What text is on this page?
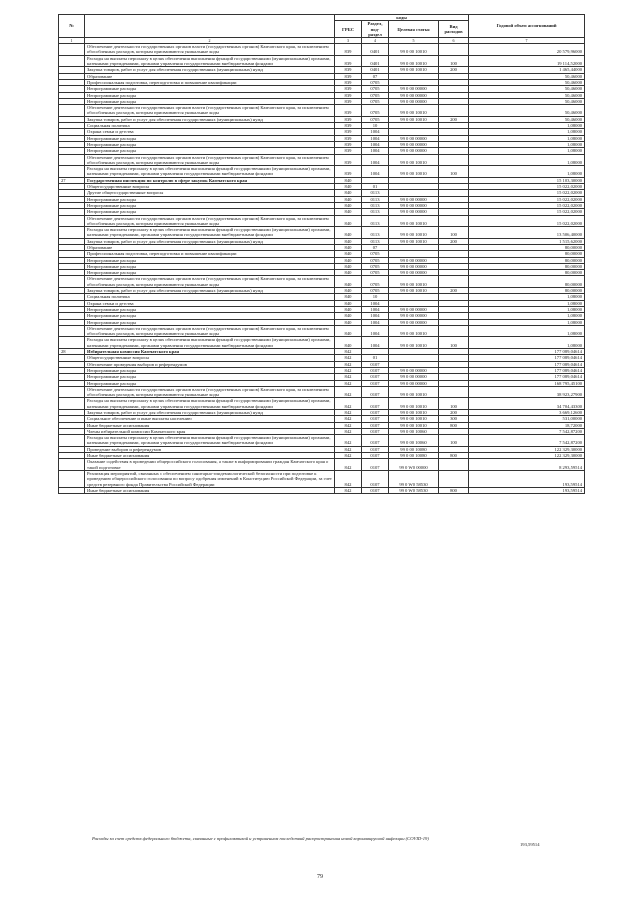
№		коды				Годовой объем ассигнований
		ГРБС	Раздел, под- раздел	Целевая статья	Вид расходов	
1	2	3	4	5	6	7
	Обеспечение деятельности государственных органов власти (государственных органов) Камчатского края, за исключением обособленных расходов, которым присваиваются уникальные коды	839	0401	99 0 00 10010		20 579,96000
	Расходы на выплаты персоналу в целях обеспечения выполнения функций государственными (муниципальными) органами, казенными учреждениями, органами управления государственными внебюджетными фондами	839	0401	99 0 00 10010	100	19 114,52000
	Закупка товаров, работ и услуг для обеспечения государственных (муниципальных) нужд	839	0401	99 0 00 10010	200	1 465,44000
	Образование	839	07			50,46000
	Профессиональная подготовка, переподготовка и повышение квалификации	839	0705			50,46000
	Непрограммные расходы	839	0705	99 0 00 00000		50,46000
	Непрограммные расходы	839	0705	99 0 00 00000		50,46000
	Непрограммные расходы	839	0705	99 0 00 00000		50,46000
	Обеспечение деятельности государственных органов власти (государственных органов) Камчатского края, за исключением обособленных расходов, которым присваиваются уникальные коды	839	0705	99 0 00 10010		50,46000
	Закупка товаров, работ и услуг для обеспечения государственных (муниципальных) нужд	839	0705	99 0 00 10010	200	50,46000
	Социальная политика	839	10			1,08000
	Охрана семьи и детства	839	1004			1,08000
	Непрограммные расходы	839	1004	99 0 00 00000		1,08000
	Непрограммные расходы	839	1004	99 0 00 00000		1,08000
	Непрограммные расходы	839	1004	99 0 00 00000		1,08000
	Обеспечение деятельности государственных органов власти (государственных органов) Камчатского края, за исключением обособленных расходов, которым присваиваются уникальные коды	839	1004	99 0 00 10010		1,08000
	Расходы на выплаты персоналу в целях обеспечения выполнения функций государственными (муниципальными) органами, казенными учреждениями, органами управления государственными внебюджетными фондами	839	1004	99 0 00 10010	100	1,08000
27	Государственная инспекция по контролю в сфере закупок Камчатского края	840				15 103,30000
	Общегосударственные вопросы	840	01			15 022,02000
	Другие общегосударственные вопросы	840	0113			15 022,02000
	Непрограммные расходы	840	0113	99 0 00 00000		15 022,02000
	Непрограммные расходы	840	0113	99 0 00 00000		15 022,02000
	Непрограммные расходы	840	0113	99 0 00 00000		15 022,02000
	Обеспечение деятельности государственных органов власти (государственных органов) Камчатского края, за исключением обособленных расходов, которым присваиваются уникальные коды	840	0113	99 0 00 10010		15 022,02000
	Расходы на выплаты персоналу в целях обеспечения выполнения функций государственными (муниципальными) органами, казенными учреждениями, органами управления государственными внебюджетными фондами	840	0113	99 0 00 10010	100	13 506,40000
	Закупка товаров, работ и услуг для обеспечения государственных (муниципальных) нужд	840	0113	99 0 00 10010	200	1 515,62000
	Образование	840	07			80,00000
	Профессиональная подготовка, переподготовка и повышение квалификации	840	0705			80,00000
	Непрограммные расходы	840	0705	99 0 00 00000		80,00000
	Непрограммные расходы	840	0705	99 0 00 00000		80,00000
	Непрограммные расходы	840	0705	99 0 00 00000		80,00000
	Обеспечение деятельности государственных органов власти (государственных органов) Камчатского края, за исключением обособленных расходов, которым присваиваются уникальные коды	840	0705	99 0 00 10010		80,00000
	Закупка товаров, работ и услуг для обеспечения государственных (муниципальных) нужд	840	0705	99 0 00 10010	200	80,00000
	Социальная политика	840	10			1,08000
	Охрана семьи и детства	840	1004			1,08000
	Непрограммные расходы	840	1004	99 0 00 00000		1,08000
	Непрограммные расходы	840	1004	99 0 00 00000		1,08000
	Непрограммные расходы	840	1004	99 0 00 00000		1,08000
	Обеспечение деятельности государственных органов власти (государственных органов) Камчатского края, за исключением обособленных расходов, которым присваиваются уникальные коды	840	1004	99 0 00 10010		1,08000
	Расходы на выплаты персоналу в целях обеспечения выполнения функций государственными (муниципальными) органами, казенными учреждениями, органами управления государственными внебюджетными фондами	840	1004	99 0 00 10010	100	1,08000
28	Избирательная комиссия Камчатского края	842				177 089,04614
	Общегосударственные вопросы	842	01			177 089,04614
	Обеспечение проведения выборов и референдумов	842	0107			177 089,04614
	Непрограммные расходы	842	0107	99 0 00 00000		177 089,04614
	Непрограммные расходы	842	0107	99 0 00 00000		177 089,04614
	Непрограммные расходы	842	0107	99 0 00 00000		168 795,45100
	Обеспечение деятельности государственных органов власти (государственных органов) Камчатского края, за исключением обособленных расходов, которым присваиваются уникальные коды	842	0107	99 0 00 10010		38 923,27900
	Расходы на выплаты персоналу в целях обеспечения выполнения функций государственными (муниципальными) органами, казенными учреждениями, органами управления государственными внебюджетными фондами	842	0107	99 0 00 10010	100	34 704,43300
	Закупка товаров, работ и услуг для обеспечения государственных (муниципальных) нужд	842	0107	99 0 00 10010	200	3 669,12600
	Социальное обеспечение и иные выплаты населению	842	0107	99 0 00 10010	300	531,00000
	Иные бюджетные ассигнования	842	0107	99 0 00 10010	800	18,72000
	Члены избирательной комиссии Камчатского края	842	0107	99 0 00 10060		7 542,87200
	Расходы на выплаты персоналу в целях обеспечения выполнения функций государственными (муниципальными) органами, казенными учреждениями, органами управления государственными внебюджетными фондами	842	0107	99 0 00 10060	100	7 542,87200
	Проведение выборов и референдумов	842	0107	99 0 00 10080		122 329,30000
	Иные бюджетные ассигнования	842	0107	99 0 00 10080	800	122 329,30000
	Оказание содействия в проведении общероссийского голосования, а также в информировании граждан Камчатского края о такой подготовке	842	0107	99 0 W0 00000		8 293,59514
	Реализация мероприятий, связанных с обеспечением санитарно-эпидемиологической безопасности при подготовке к проведению общероссийского голосования по вопросу одобрения изменений в Конституцию Российской Федерации, за счет средств резервного фонда Правительства Российской Федерации	842	0107	99 0 W0 58530		193,59514
	Иные бюджетные ассигнования	842	0107	99 0 W0 58530	800	193,59514
Расходы за счет средств федерального бюджета, связанные с профилактикой и устранением последствий распространения новой коронавирусной инфекции (COVID-19)
193,59514
79
